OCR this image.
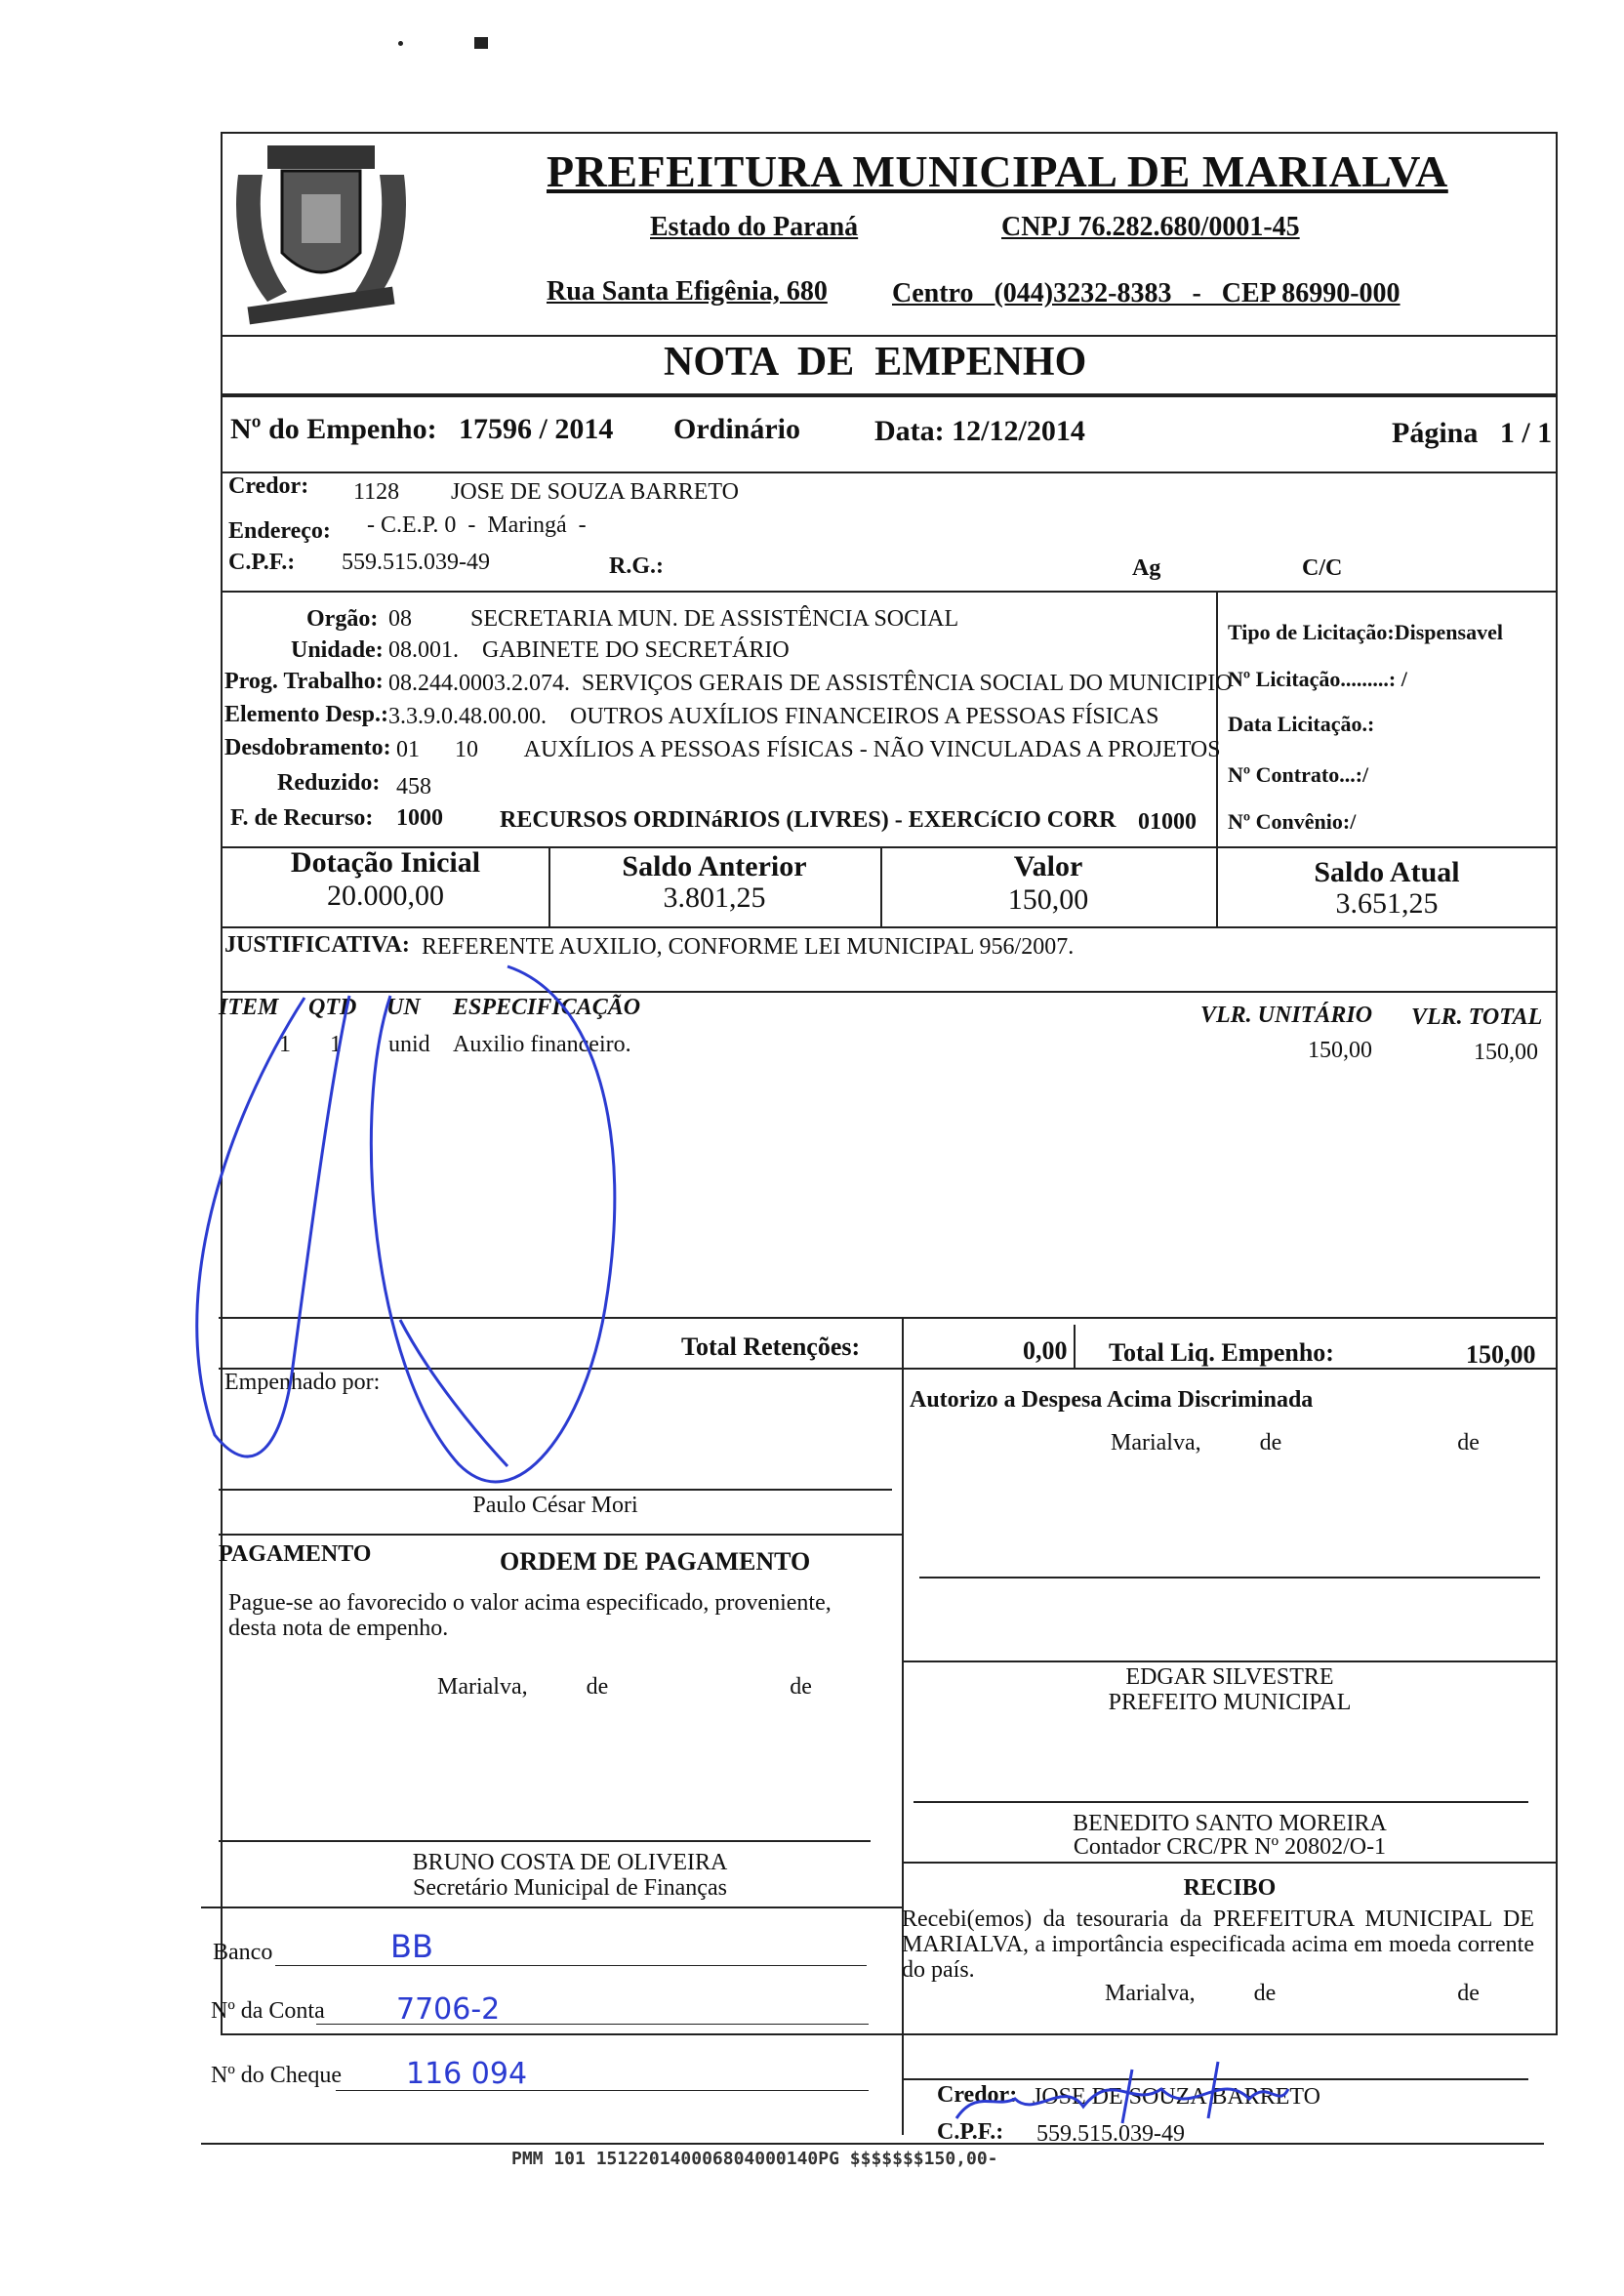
PREFEITURA MUNICIPAL DE MARIALVA
Estado do Paraná	CNPJ 76.282.680/0001-45
Rua Santa Efigênia, 680 Centro   (044)3232-8383   -   CEP 86990-000
NOTA  DE  EMPENHO
Nº do Empenho: 17596 / 2014 Ordinário	Data: 12/12/2014	Página   1 / 1
Credor: 1128 JOSE DE SOUZA BARRETO
Endereço: - C.E.P. 0  -  Maringá  -
C.P.F.: 559.515.039-49	R.G.:	Ag	C/C
Orgão: 08          SECRETARIA MUN. DE ASSISTÊNCIA SOCIAL
Unidade: 08.001.    GABINETE DO SECRETÁRIO
Prog. Trabalho: 08.244.0003.2.074.  SERVIÇOS GERAIS DE ASSISTÊNCIA SOCIAL DO MUNICIPIO
Elemento Desp.: 3.3.9.0.48.00.00.    OUTROS AUXÍLIOS FINANCEIROS A PESSOAS FÍSICAS
Desdobramento: 01      10        AUXÍLIOS A PESSOAS FÍSICAS - NÃO VINCULADAS A PROJETOS
Reduzido: 458
F. de Recurso: 1000 RECURSOS ORDINáRIOS (LIVRES) - EXERCíCIO CORR 01000
Tipo de Licitação:Dispensavel
Nº Licitação.........: /
Data Licitação.:
Nº Contrato...:/
Nº Convênio:/
Dotação Inicial
20.000,00
Saldo Anterior
3.801,25
Valor
150,00
Saldo Atual
3.651,25
JUSTIFICATIVA: REFERENTE AUXILIO, CONFORME LEI MUNICIPAL 956/2007.
ITEM QTD UN ESPECIFICAÇÃO	VLR. UNITÁRIO VLR. TOTAL
1 1 unid Auxilio financeiro.	150,00	150,00
Total Retenções:	0,00 Total Liq. Empenho:	150,00
Empenhado por:
Paulo César Mori
Autorizo a Despesa Acima Discriminada
Marialva,          de                              de
EDGAR SILVESTRE
PREFEITO MUNICIPAL
BENEDITO SANTO MOREIRA
Contador CRC/PR Nº 20802/O-1
PAGAMENTO	ORDEM DE PAGAMENTO
Pague-se ao favorecido o valor acima especificado, proveniente, desta nota de empenho.
Marialva,          de                               de
BRUNO COSTA DE OLIVEIRA
Secretário Municipal de Finanças
Banco	BB
Nº da Conta 7706-2
Nº do Cheque 116 094
RECIBO
Recebi(emos) da tesouraria da PREFEITURA MUNICIPAL DE MARIALVA, a importância especificada acima em moeda corrente do país.
Marialva,          de                               de
Credor: JOSE DE SOUZA BARRETO
C.P.F.: 559.515.039-49
PMM 101 151220140006804000140PG $$$$$$$150,00-
